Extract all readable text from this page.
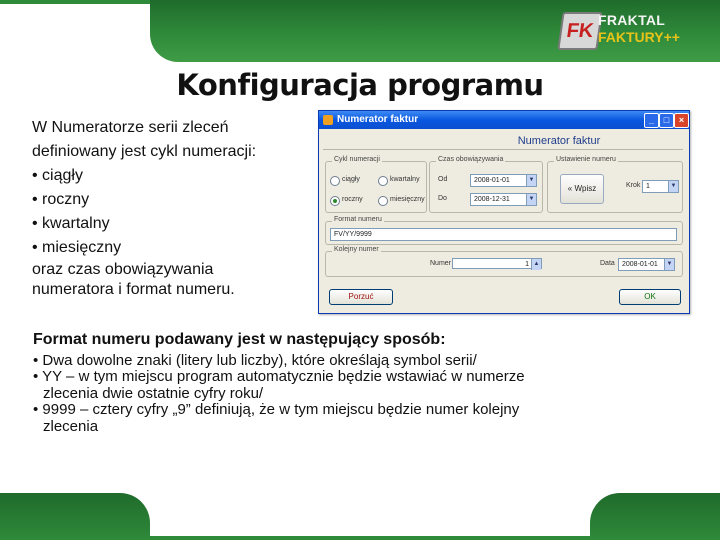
FK FRAKTAL
FAKTURY++
Konfiguracja programu
W Numeratorze serii zleceń
definiowany jest cykl numeracji:
• ciągły
• roczny
• kwartalny
• miesięczny
oraz czas obowiązywania
numeratora i format numeru.
Numerator faktur	_	□	×
Numerator faktur
Cykl numeracji
ciągły	kwartalny
roczny	miesięczny
Czas obowiązywania
Od	2008-01-01	▼
Do	2008-12-31	▼
Ustawienie numeru
« Wpisz	Krok 1	▼
Format numeru
FV/YY/9999
Kolejny numer
Numer	1 ▲	Data	2008-01-01	▼
Porzuć	OK
Format numeru podawany jest w następujący sposób:
• Dwa dowolne znaki (litery lub liczby), które określają symbol serii/
• YY – w tym miejscu program automatycznie będzie wstawiać w numerze
zlecenia dwie ostatnie cyfry roku/
• 9999 – cztery cyfry „9” definiują, że w tym miejscu będzie numer kolejny
zlecenia
